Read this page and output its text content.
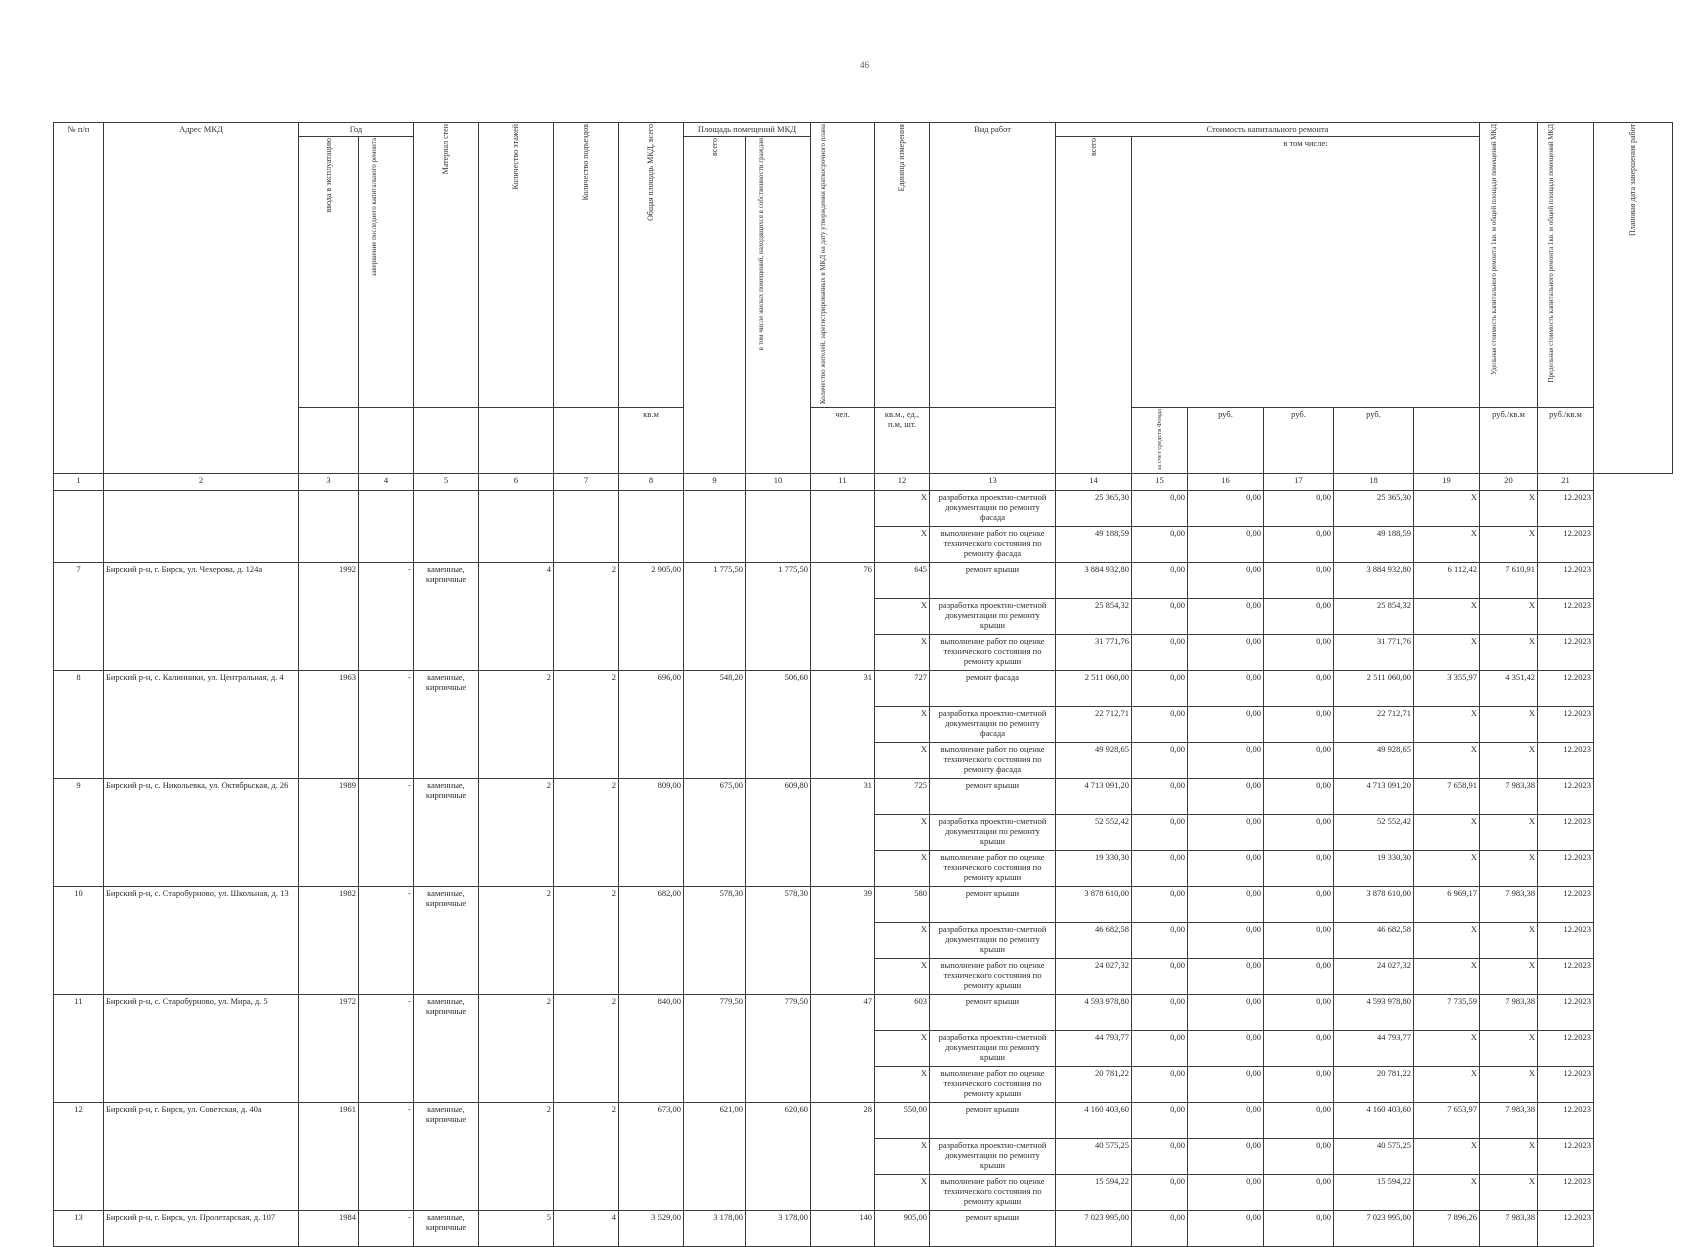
46
№ п/п	Адрес МКД	Год		Материал стен	Количество этажей	Количество подъездов	Общая площадь МКД, всего	Площадь помещений МКД		Количество жителей, зарегистрированных в МКД на дату утверждения краткосрочного плана	Единица измерения	Вид работ	Стоимость капитального ремонта						Удельная стоимость капитального ремонта 1кв. м общей площади помещений МКД	Предельная стоимость капитального ремонта 1кв. м общей площади помещений МКД	Плановая дата завершения работ
		ввода в эксплуатацию	завершение последнего капитального ремонта					всего	в том числе жилых помещений, находящихся в собственности граждан				всего	в том числе:							
							кв.м			чел.	кв.м., ед., п.м, шт.			за счет средств Фонда	руб.	руб.	руб.		руб./кв.м	руб./кв.м	
1	2	3	4	5	6	7	8	9	10	11	12	13	14	15	16	17	18	19	20	21	
											X	разработка проектно-сметной документации по ремонту фасада	25 365,30	0,00	0,00	0,00	25 365,30	X	X	12.2023	
											X	выполнение работ по оценке технического состояния по ремонту фасада	49 188,59	0,00	0,00	0,00	49 188,59	X	X	12.2023	
7	Бирский р-н, г. Бирск, ул. Чехерова, д. 124а	1992	-	каменные, кирпичные	4	2	2 905,00	1 775,50	1 775,50	76	645	ремонт крыши	3 884 932,80	0,00	0,00	0,00	3 884 932,80	6 112,42	7 610,91	12.2023	
											X	разработка проектно-сметной документации по ремонту крыши	25 854,32	0,00	0,00	0,00	25 854,32	X	X	12.2023	
											X	выполнение работ по оценке технического состояния по ремонту крыши	31 771,76	0,00	0,00	0,00	31 771,76	X	X	12.2023	
8	Бирский р-н, с. Калинники, ул. Центральная, д. 4	1963	-	каменные, кирпичные	2	2	696,00	548,20	506,60	31	727	ремонт фасада	2 511 060,00	0,00	0,00	0,00	2 511 060,00	3 355,97	4 351,42	12.2023	
											X	разработка проектно-сметной документации по ремонту фасада	22 712,71	0,00	0,00	0,00	22 712,71	X	X	12.2023	
											X	выполнение работ по оценке технического состояния по ремонту фасада	49 928,65	0,00	0,00	0,00	49 928,65	X	X	12.2023	
9	Бирский р-н, с. Никольевка, ул. Октябрьская, д. 26	1989	-	каменные, кирпичные	2	2	809,00	675,00	609,80	31	725	ремонт крыши	4 713 091,20	0,00	0,00	0,00	4 713 091,20	7 658,91	7 983,38	12.2023	
											X	разработка проектно-сметной документации по ремонту крыши	52 552,42	0,00	0,00	0,00	52 552,42	X	X	12.2023	
											X	выполнение работ по оценке технического состояния по ремонту крыши	19 330,30	0,00	0,00	0,00	19 330,30	X	X	12.2023	
10	Бирский р-н, с. Старобурново, ул. Школьная, д. 13	1982	-	каменные, кирпичные	2	2	682,00	578,30	578,30	39	580	ремонт крыши	3 878 610,00	0,00	0,00	0,00	3 878 610,00	6 969,17	7 983,38	12.2023	
											X	разработка проектно-сметной документации по ремонту крыши	46 682,58	0,00	0,00	0,00	46 682,58	X	X	12.2023	
											X	выполнение работ по оценке технического состояния по ремонту крыши	24 027,32	0,00	0,00	0,00	24 027,32	X	X	12.2023	
11	Бирский р-н, с. Старобурново, ул. Мира, д. 5	1972	-	каменные, кирпичные	2	2	840,00	779,50	779,50	47	603	ремонт крыши	4 593 978,80	0,00	0,00	0,00	4 593 978,80	7 735,59	7 983,38	12.2023	
											X	разработка проектно-сметной документации по ремонту крыши	44 793,77	0,00	0,00	0,00	44 793,77	X	X	12.2023	
											X	выполнение работ по оценке технического состояния по ремонту крыши	20 781,22	0,00	0,00	0,00	20 781,22	X	X	12.2023	
12	Бирский р-н, г. Бирск, ул. Советская, д. 40а	1961	-	каменные, кирпичные	2	2	673,00	621,00	620,60	28	550,00	ремонт крыши	4 160 403,60	0,00	0,00	0,00	4 160 403,60	7 653,97	7 983,38	12.2023	
											X	разработка проектно-сметной документации по ремонту крыши	40 575,25	0,00	0,00	0,00	40 575,25	X	X	12.2023	
											X	выполнение работ по оценке технического состояния по ремонту крыши	15 594,22	0,00	0,00	0,00	15 594,22	X	X	12.2023	
13	Бирский р-н, г. Бирск, ул. Пролетарская, д. 107	1984	-	каменные, кирпичные	5	4	3 529,00	3 178,00	3 178,00	140	905,00	ремонт крыши	7 023 995,00	0,00	0,00	0,00	7 023 995,00	7 896,26	7 983,38	12.2023	
